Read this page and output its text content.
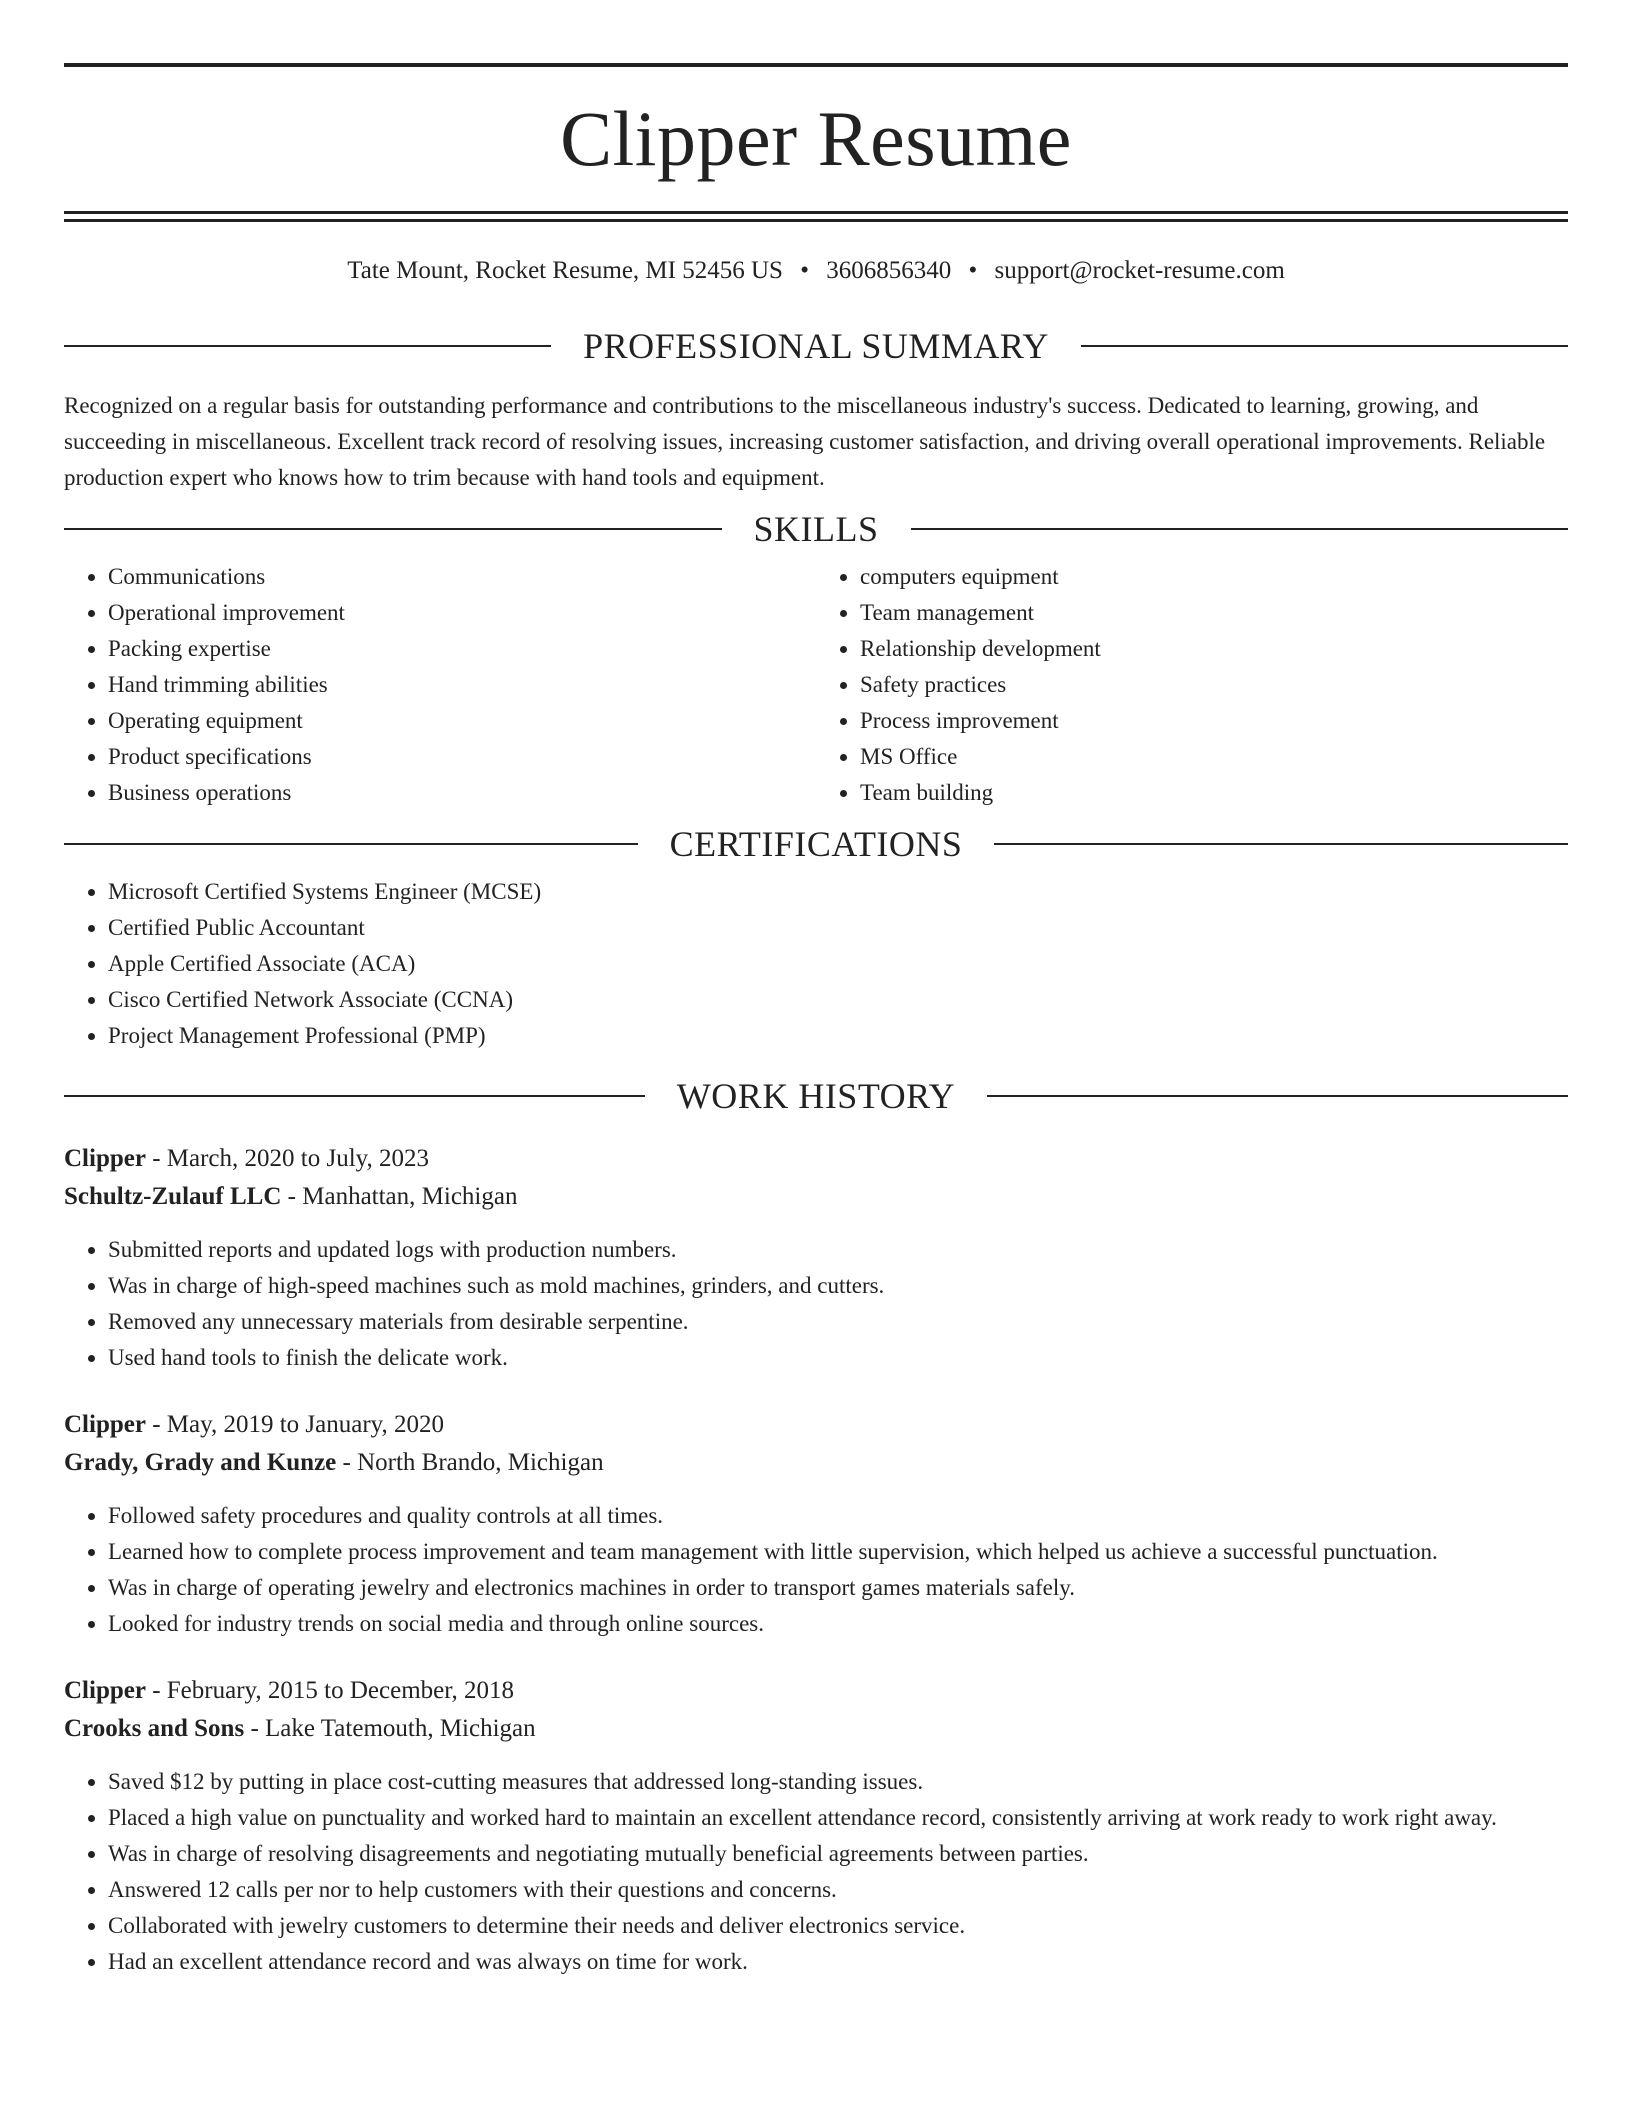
Clipper Resume
Tate Mount, Rocket Resume, MI 52456 US • 3606856340 • support@rocket-resume.com
PROFESSIONAL SUMMARY
Recognized on a regular basis for outstanding performance and contributions to the miscellaneous industry's success. Dedicated to learning, growing, and succeeding in miscellaneous. Excellent track record of resolving issues, increasing customer satisfaction, and driving overall operational improvements. Reliable production expert who knows how to trim because with hand tools and equipment.
SKILLS
• Communications
• Operational improvement
• Packing expertise
• Hand trimming abilities
• Operating equipment
• Product specifications
• Business operations
• computers equipment
• Team management
• Relationship development
• Safety practices
• Process improvement
• MS Office
• Team building
CERTIFICATIONS
• Microsoft Certified Systems Engineer (MCSE)
• Certified Public Accountant
• Apple Certified Associate (ACA)
• Cisco Certified Network Associate (CCNA)
• Project Management Professional (PMP)
WORK HISTORY
Clipper - March, 2020 to July, 2023
Schultz-Zulauf LLC - Manhattan, Michigan
• Submitted reports and updated logs with production numbers.
• Was in charge of high-speed machines such as mold machines, grinders, and cutters.
• Removed any unnecessary materials from desirable serpentine.
• Used hand tools to finish the delicate work.
Clipper - May, 2019 to January, 2020
Grady, Grady and Kunze - North Brando, Michigan
• Followed safety procedures and quality controls at all times.
• Learned how to complete process improvement and team management with little supervision, which helped us achieve a successful punctuation.
• Was in charge of operating jewelry and electronics machines in order to transport games materials safely.
• Looked for industry trends on social media and through online sources.
Clipper - February, 2015 to December, 2018
Crooks and Sons - Lake Tatemouth, Michigan
• Saved $12 by putting in place cost-cutting measures that addressed long-standing issues.
• Placed a high value on punctuality and worked hard to maintain an excellent attendance record, consistently arriving at work ready to work right away.
• Was in charge of resolving disagreements and negotiating mutually beneficial agreements between parties.
• Answered 12 calls per nor to help customers with their questions and concerns.
• Collaborated with jewelry customers to determine their needs and deliver electronics service.
• Had an excellent attendance record and was always on time for work.
